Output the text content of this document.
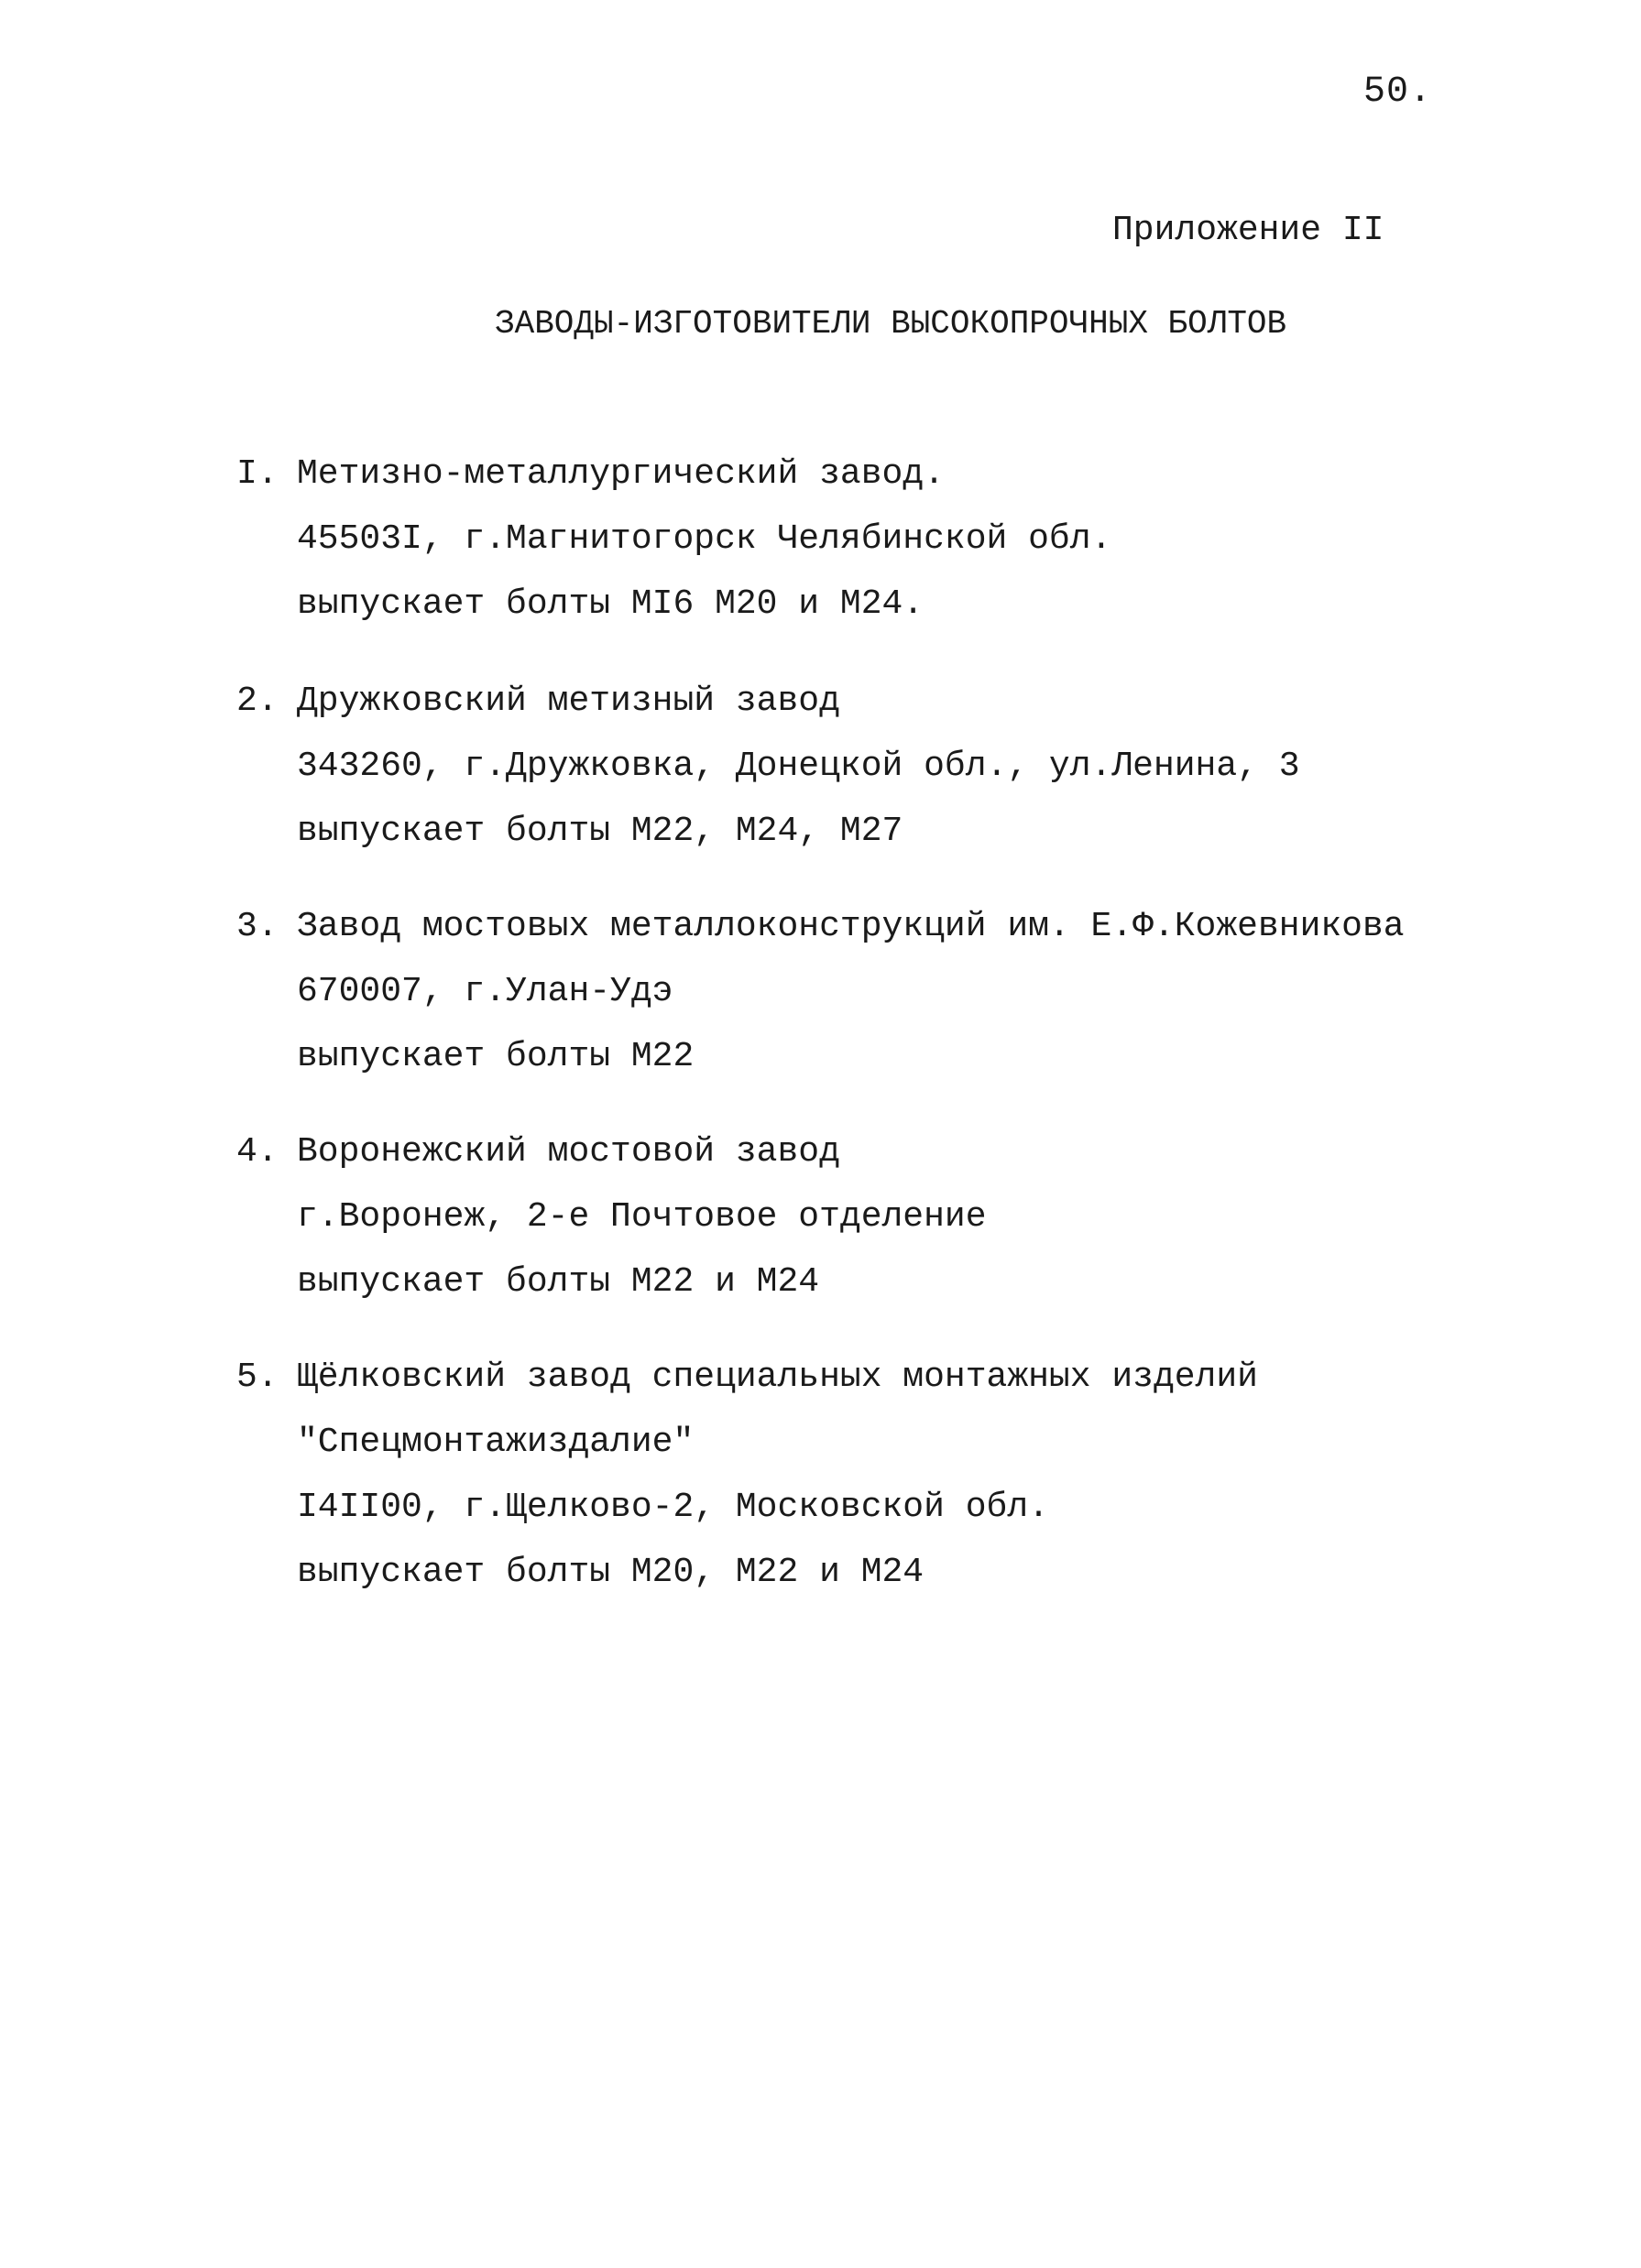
50.
Приложение II
ЗАВОДЫ-ИЗГОТОВИТЕЛИ ВЫСОКОПРОЧНЫХ БОЛТОВ
I. Метизно-металлургический завод.
45503I, г.Магнитогорск Челябинской обл.
выпускает болты МI6 М20 и М24.
2. Дружковский метизный завод
343260, г.Дружковка, Донецкой обл., ул.Ленина, 3
выпускает болты М22, М24, М27
3. Завод мостовых металлоконструкций им. Е.Ф.Кожевникова
670007, г.Улан-Удэ
выпускает болты М22
4. Воронежский мостовой завод
г.Воронеж, 2-е Почтовое отделение
выпускает болты М22 и М24
5. Щёлковский завод специальных монтажных изделий
"Спецмонтажиздалие"
I4II00, г.Щелково-2, Московской обл.
выпускает болты М20, М22 и М24
